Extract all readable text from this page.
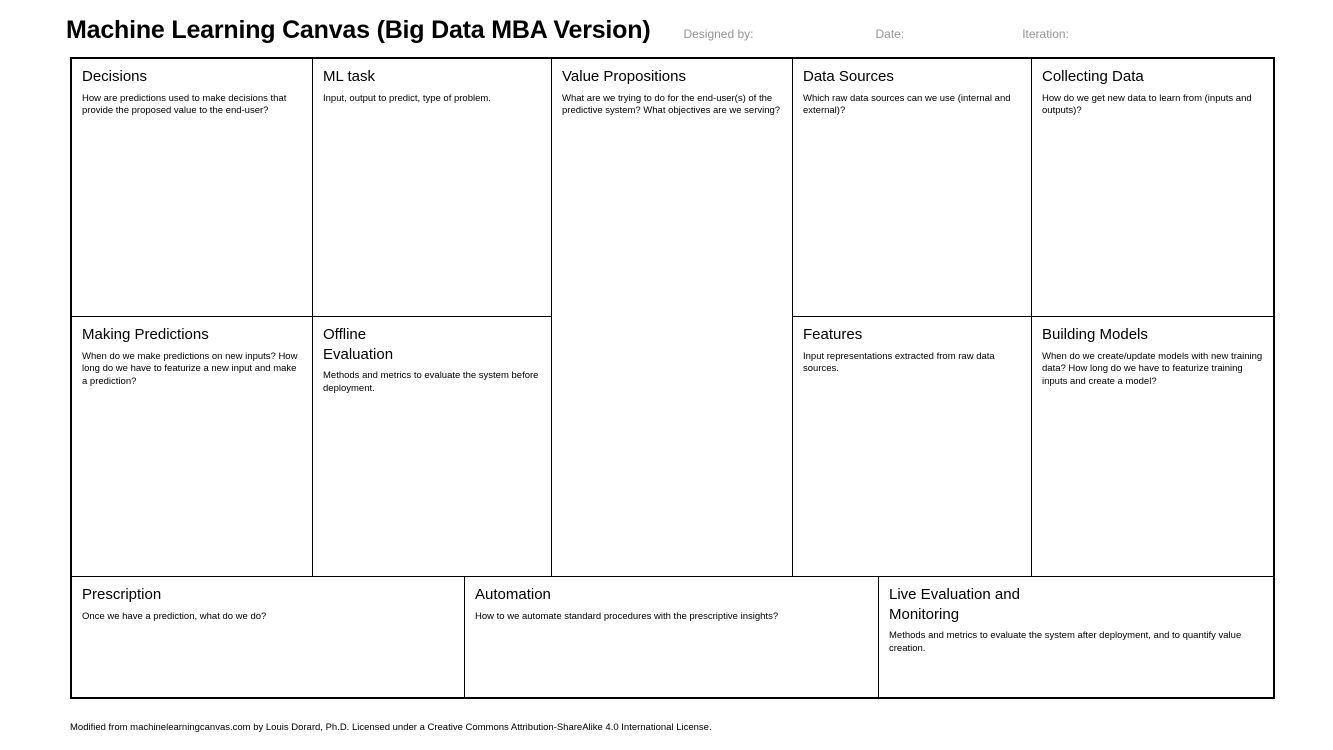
Machine Learning Canvas (Big Data MBA Version)	Designed by:	Date:	Iteration:
Decisions
How are predictions used to make decisions that provide the proposed value to the end-user?
ML task
Input, output to predict, type of problem.
Value Propositions
What are we trying to do for the end-user(s) of the predictive system? What objectives are we serving?
Data Sources
Which raw data sources can we use (internal and external)?
Collecting Data
How do we get new data to learn from (inputs and outputs)?
Making Predictions
When do we make predictions on new inputs? How long do we have to featurize a new input and make a prediction?
Offline Evaluation
Methods and metrics to evaluate the system before deployment.
Features
Input representations extracted from raw data sources.
Building Models
When do we create/update models with new training data? How long do we have to featurize training inputs and create a model?
Prescription
Once we have a prediction, what do we do?
Automation
How to we automate standard procedures with the prescriptive insights?
Live Evaluation and Monitoring
Methods and metrics to evaluate the system after deployment, and to quantify value creation.
Modified from machinelearningcanvas.com by Louis Dorard, Ph.D. Licensed under a Creative Commons Attribution-ShareAlike 4.0 International License.
